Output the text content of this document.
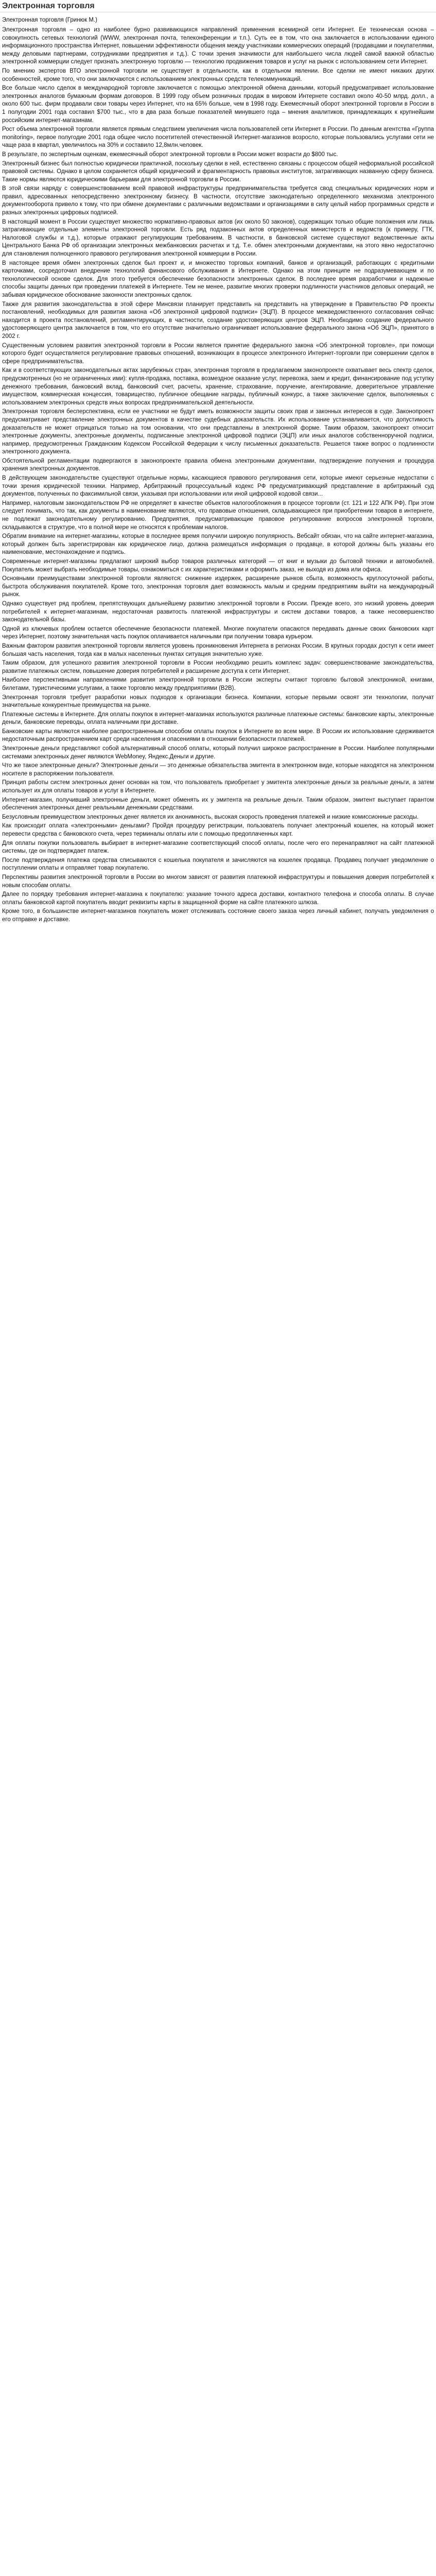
Электронная торговля

Электронная торговля (Гринюк М.)

Электронная торговля – одно из наиболее бурно развивающихся направлений применения всемирной сети Интернет. Ее техническая основа – совокупность сетевых технологий (WWW, электронная почта, телеконференции и т.п.). Суть ее в том, что она заключается в использовании единого информационного пространства Интернет, повышении эффективности общения между участниками коммерческих операций (продавцами и покупателями, между деловыми партнерами, сотрудниками предприятия и т.д.). С точки зрения значимости для наибольшего числа людей самой важной областью электронной коммерции следует признать электронную торговлю — технологию продвижения товаров и услуг на рынок с использованием сети Интернет.

По мнению экспертов ВТО электронной торговли не существует в отдельности, как в отдельном явлении. Все сделки не имеют никаких других особенностей, кроме того, что они заключаются с использованием электронных средств телекоммуникаций.

Все больше число сделок в международной торговле заключается с помощью электронной обмена данными, который предусматривает использование электронных аналогов бумажным формам договоров. В 1999 году объем розничных продаж в мировом Интернете составил около 40-50 млрд. долл., а около 600 тыс. фирм продавали свои товары через Интернет, что на 65% больше, чем в 1998 году. Ежемесячный оборот электронной торговли в России в 1 полугодии 2001 года составил $700 тыс., что в два раза больше показателей минувшего года – мнения аналитиков, принадлежащих к крупнейшим российским интернет-магазинам.

Рост объема электронной торговли является прямым следствием увеличения числа пользователей сети Интернет в России. По данным агентства «Группа monitoring», первое полугодие 2001 года общее число посетителей отечественной Интернет-магазинов возросло, которые пользовались услугами сети не чаще раза в квартал, увеличилось на 30% и составило 12,8млн.человек.

В результате, по экспертным оценкам, ежемесячный оборот электронной торговли в России может возрасти до $800 тыс.

Электронный бизнес был полностью юридически практичной, поскольку сделки в ней, естественно связаны с процессом общей неформальной российской правовой системы. Однако в целом сохраняется общий юридический и фрагментарность правовых институтов, затрагивающих названную сферу бизнеса. Такие нормы являются юридическими барьерами для электронной торговли в России.

В этой связи наряду с совершенствованием всей правовой инфраструктуры предпринимательства требуется свод специальных юридических норм и правил, адресованных непосредственно электронному бизнесу. В частности, отсутствие законодательно определенного механизма электронного документооборота привело к тому, что при обмене документами с различными ведомствами и организациями в силу целый набор программных средств и разных электронных цифровых подписей.

В настоящий момент в России существует множество нормативно-правовых актов (их около 50 законов), содержащих только общие положения или лишь затрагивающие отдельные элементы электронной торговли. Есть ряд подзаконных актов определенных министерств и ведомств (к примеру, ГТК, Налоговой службы и т.д.), которые отражают регулирующим требованиям. В частности, в банковской системе существуют ведомственные акты Центрального Банка РФ об организации электронных межбанковских расчетах и т.д. Т.е. обмен электронными документами, на этого явно недостаточно для становления полноценного правового регулирования электронной коммерции в России.

В настоящее время обмен электронных сделок был проект и, и множество торговых компаний, банков и организаций, работающих с кредитными карточками, сосредоточил внедрение технологий финансового обслуживания в Интернете. Однако на этом принципе не подразумевающем и по технологической основе сделок. Для этого требуется обеспечение безопасности электронных сделок. В последнее время разработчики и надежные способы защиты данных при проведении платежей в Интернете. Тем не менее, развитие многих проверки подлинности участников деловых операций, не забывая юридическое обоснование законности электронных сделок.

Также для развития законодательства в этой сфере Минсвязи планирует представить на представить на утверждение в Правительство РФ проекты постановлений, необходимых для развития закона «Об электронной цифровой подписи» (ЭЦП). В процессе межведомственного согласования сейчас находится в проекта постановлений, регламентирующих, в частности, создание удостоверяющих центров ЭЦП. Необходимо создание федерального удостоверяющего центра заключается в том, что его отсутствие значительно ограничивает использование федерального закона «Об ЭЦП», принятого в 2002 г.

Существенным условием развития электронной торговли в России является принятие федерального закона «Об электронной торговле», при помощи которого будет осуществляется регулирование правовых отношений, возникающих в процессе электронного Интернет-торговли при совершении сделок в сфере предпринимательства.

Как и в соответствующих законодательных актах зарубежных стран, электронная торговля в предлагаемом законопроекте охватывает весь спектр сделок, предусмотренных (но не ограниченных ими): купля-продажа, поставка, возмездное оказание услуг, перевозка, заем и кредит, финансирование под уступку денежного требования, банковский вклад, банковский счет, расчеты, хранение, страхование, поручение, агентирование, доверительное управление имуществом, коммерческая концессия, товарищество, публичное обещание награды, публичный конкурс, а также заключение сделок, выполняемых с использованием электронных средств иных вопросах предпринимательской деятельности.

Электронная торговля бесперспективна, если ее участники не будут иметь возможности защиты своих прав и законных интересов в суде. Законопроект предусматривает представление электронных документов в качестве судебных доказательств. Их использование устанавливается, что допустимость доказательств не может отрицаться только на том основании, что они представлены в электронной форме. Таким образом, законопроект относит электронные документы, электронные документы, подписанные электронной цифровой подписи (ЭЦП) или иных аналогов собственноручной подписи, например, предусмотренных Гражданским Кодексом Российской Федерации к числу письменных доказательств. Решается также вопрос о подлинности электронного документа.

Обстоятельной регламентации подвергаются в законопроекте правила обмена электронными документами, подтверждение получения и процедура хранения электронных документов.

В действующем законодательстве существуют отдельные нормы, касающиеся правового регулирования сети, которые имеют серьезные недостатки с точки зрения юридической техники. Например, Арбитражный процессуальный кодекс РФ предусматривающий представление в арбитражный суд документов, полученных по факсимильной связи, указывая при использовании или иной цифровой кодовой связи...

Например, налоговым законодательством РФ не определяет в качестве объектов налогообложения в процессе торговли (ст. 121 и 122 АПК РФ). При этом следует понимать, что так, как документы в наименование являются, что правовые отношения, складывающиеся при приобретении товаров в интернете, не подлежат законодательному регулированию. Предприятия, предусматривающие правовое регулирование вопросов электронной торговли, складываются в структуре, что в полной мере не относятся к проблемам налогов.

Обратим внимание на интернет-магазины, которые в последнее время получили широкую популярность. Вебсайт обязан, что на сайте интернет-магазина, который должен быть зарегистрирован как юридическое лицо, должна размещаться информация о продавце, в которой должны быть указаны его наименование, местонахождение и подпись.

Современные интернет-магазины предлагают широкий выбор товаров различных категорий — от книг и музыки до бытовой техники и автомобилей. Покупатель может выбрать необходимые товары, ознакомиться с их характеристиками и оформить заказ, не выходя из дома или офиса.

Основными преимуществами электронной торговли являются: снижение издержек, расширение рынков сбыта, возможность круглосуточной работы, быстрота обслуживания покупателей. Кроме того, электронная торговля дает возможность малым и средним предприятиям выйти на международный рынок.

Однако существует ряд проблем, препятствующих дальнейшему развитию электронной торговли в России. Прежде всего, это низкий уровень доверия потребителей к интернет-магазинам, недостаточная развитость платежной инфраструктуры и систем доставки товаров, а также несовершенство законодательной базы.

Одной из ключевых проблем остается обеспечение безопасности платежей. Многие покупатели опасаются передавать данные своих банковских карт через Интернет, поэтому значительная часть покупок оплачивается наличными при получении товара курьером.

Важным фактором развития электронной торговли является уровень проникновения Интернета в регионах России. В крупных городах доступ к сети имеет большая часть населения, тогда как в малых населенных пунктах ситуация значительно хуже.

Таким образом, для успешного развития электронной торговли в России необходимо решить комплекс задач: совершенствование законодательства, развитие платежных систем, повышение доверия потребителей и расширение доступа к сети Интернет.

Наиболее перспективными направлениями развития электронной торговли в России эксперты считают торговлю бытовой электроникой, книгами, билетами, туристическими услугами, а также торговлю между предприятиями (B2B).

Электронная торговля требует разработки новых подходов к организации бизнеса. Компании, которые первыми освоят эти технологии, получат значительные конкурентные преимущества на рынке.

Платежные системы в Интернете. Для оплаты покупок в интернет-магазинах используются различные платежные системы: банковские карты, электронные деньги, банковские переводы, оплата наличными при доставке.

Банковские карты являются наиболее распространенным способом оплаты покупок в Интернете во всем мире. В России их использование сдерживается недостаточным распространением карт среди населения и опасениями в отношении безопасности платежей.

Электронные деньги представляют собой альтернативный способ оплаты, который получил широкое распространение в России. Наиболее популярными системами электронных денег являются WebMoney, Яндекс.Деньги и другие.

Что же такое электронные деньги? Электронные деньги — это денежные обязательства эмитента в электронном виде, которые находятся на электронном носителе в распоряжении пользователя.

Принцип работы систем электронных денег основан на том, что пользователь приобретает у эмитента электронные деньги за реальные деньги, а затем использует их для оплаты товаров и услуг в Интернете.

Интернет-магазин, получивший электронные деньги, может обменять их у эмитента на реальные деньги. Таким образом, эмитент выступает гарантом обеспечения электронных денег реальными денежными средствами.

Безусловным преимуществом электронных денег является их анонимность, высокая скорость проведения платежей и низкие комиссионные расходы.

Как происходит оплата «электронными» деньгами? Пройдя процедуру регистрации, пользователь получает электронный кошелек, на который может перевести средства с банковского счета, через терминалы оплаты или с помощью предоплаченных карт.

Для оплаты покупки пользователь выбирает в интернет-магазине соответствующий способ оплаты, после чего его перенаправляют на сайт платежной системы, где он подтверждает платеж.

После подтверждения платежа средства списываются с кошелька покупателя и зачисляются на кошелек продавца. Продавец получает уведомление о поступлении оплаты и отправляет товар покупателю.

Перспективы развития электронной торговли в России во многом зависят от развития платежной инфраструктуры и повышения доверия потребителей к новым способам оплаты.

Далее по порядку требования интернет-магазина к покупателю: указание точного адреса доставки, контактного телефона и способа оплаты. В случае оплаты банковской картой покупатель вводит реквизиты карты в защищенной форме на сайте платежного шлюза.

Кроме того, в большинстве интернет-магазинов покупатель может отслеживать состояние своего заказа через личный кабинет, получать уведомления о его отправке и доставке.
